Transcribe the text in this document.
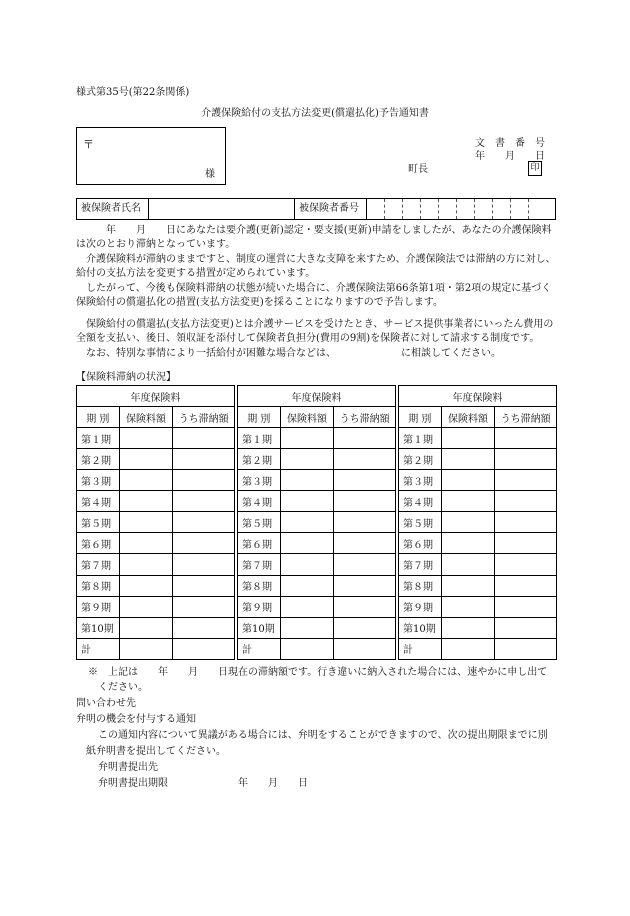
様式第35号(第22条関係)
介護保険給付の支払方法変更(償還払化)予告通知書
〒
様
文　書　番　号
年　　月　　日
町長	印
被保険者氏名	被保険者番号
年　　月　　日にあなたは要介護(更新)認定・要支援(更新)申請をしましたが、あなたの介護保険料は次のとおり滞納となっています。
介護保険料が滞納のままですと、制度の運営に大きな支障を来すため、介護保険法では滞納の方に対し、給付の支払方法を変更する措置が定められています。
したがって、今後も保険料滞納の状態が続いた場合に、介護保険法第66条第1項・第2項の規定に基づく保険給付の償還払化の措置(支払方法変更)を採ることになりますので予告します。
保険給付の償還払(支払方法変更)とは介護サービスを受けたとき、サービス提供事業者にいったん費用の全額を支払い、後日、領収証を添付して保険者負担分(費用の9割)を保険者に対して請求する制度です。
なお、特別な事情により一括給付が困難な場合などは、　　　　　　　に相談してください。
【保険料滞納の状況】
年度保険料		
期 別	保険料額	うち滞納額
第１期		
第２期		
第３期		
第４期		
第５期		
第６期		
第７期		
第８期		
第９期		
第10期		
計		
年度保険料		
期 別	保険料額	うち滞納額
第１期		
第２期		
第３期		
第４期		
第５期		
第６期		
第７期		
第８期		
第９期		
第10期		
計		
年度保険料		
期 別	保険料額	うち滞納額
第１期		
第２期		
第３期		
第４期		
第５期		
第６期		
第７期		
第８期		
第９期		
第10期		
計		
※　上記は　　年　　月　　日現在の滞納額です。行き違いに納入された場合には、速やかに申し出て
ください。
問い合わせ先
弁明の機会を付与する通知
この通知内容について異議がある場合には、弁明をすることができますので、次の提出期限までに別
紙弁明書を提出してください。
弁明書提出先
弁明書提出期限　　　　　　　年　　月　　日
